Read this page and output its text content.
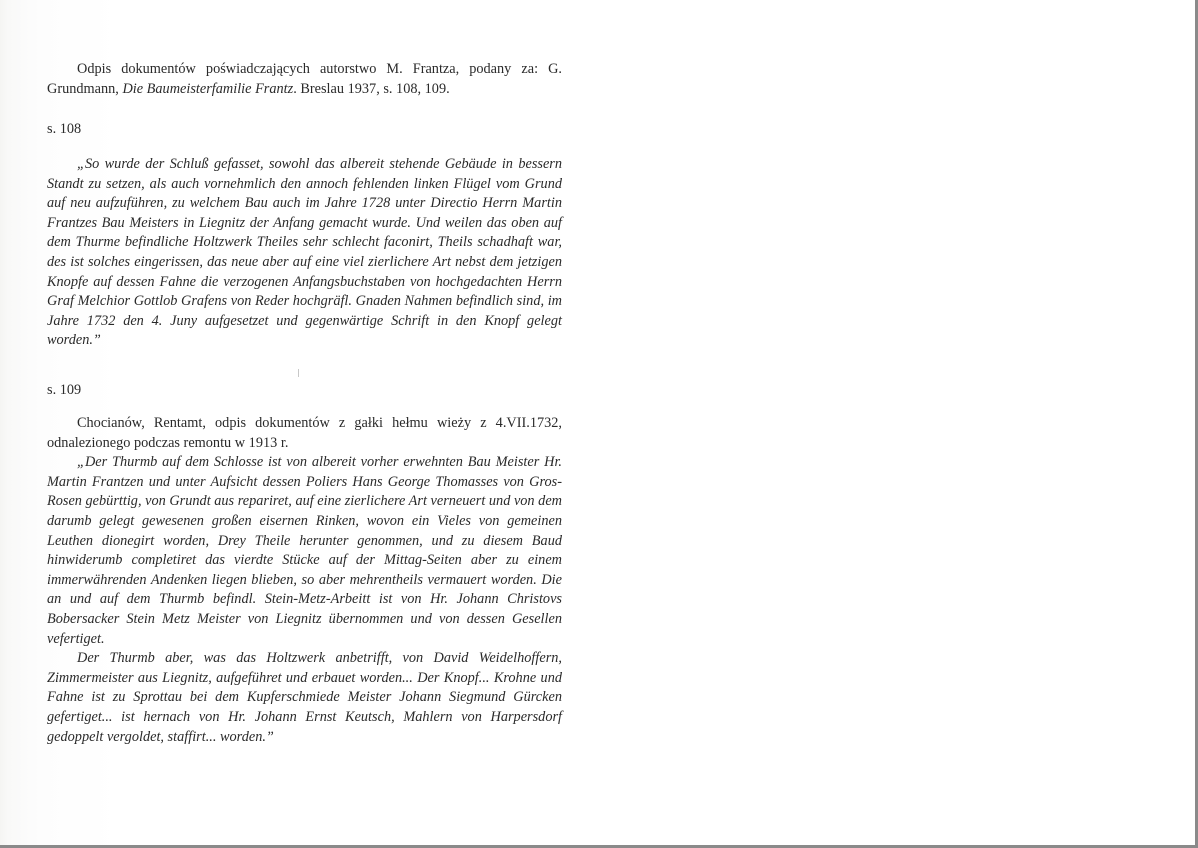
Odpis dokumentów poświadczających autorstwo M. Frantza, podany za: G. Grundmann, Die Baumeisterfamilie Frantz. Breslau 1937, s. 108, 109.

s. 108

„So wurde der Schluß gefasset, sowohl das albereit stehende Gebäude in bessern Standt zu setzen, als auch vornehmlich den annoch fehlenden linken Flügel vom Grund auf neu aufzuführen, zu welchem Bau auch im Jahre 1728 unter Directio Herrn Martin Frantzes Bau Meisters in Liegnitz der Anfang gemacht wurde. Und weilen das oben auf dem Thurme befindliche Holtzwerk Theiles sehr schlecht faconirt, Theils schadhaft war, des ist solches eingerissen, das neue aber auf eine viel zierlichere Art nebst dem jetzigen Knopfe auf dessen Fahne die verzogenen Anfangsbuchstaben von hochgedachten Herrn Graf Melchior Gottlob Grafens von Reder hochgräfl. Gnaden Nahmen befindlich sind, im Jahre 1732 den 4. Juny aufgesetzet und gegenwärtige Schrift in den Knopf gelegt worden.”

s. 109

Chocianów, Rentamt, odpis dokumentów z gałki hełmu wieży z 4.VII.1732, odnalezionego podczas remontu w 1913 r.

„Der Thurmb auf dem Schlosse ist von albereit vorher erwehnten Bau Meister Hr. Martin Frantzen und unter Aufsicht dessen Poliers Hans George Thomasses von Gros-Rosen gebürttig, von Grundt aus repariret, auf eine zierlichere Art verneuert und von dem darumb gelegt gewesenen großen eisernen Rinken, wovon ein Vieles von gemeinen Leuthen dionegirt worden, Drey Theile herunter genommen, und zu diesem Baud hinwiderumb completiret das vierdte Stücke auf der Mittag-Seiten aber zu einem immerwährenden Andenken liegen blieben, so aber mehrentheils vermauert worden. Die an und auf dem Thurmb befindl. Stein-Metz-Arbeitt ist von Hr. Johann Christovs Bobersacker Stein Metz Meister von Liegnitz übernommen und von dessen Gesellen vefertiget.

Der Thurmb aber, was das Holtzwerk anbetrifft, von David Weidelhoffern, Zimmermeister aus Liegnitz, aufgeführet und erbauet worden... Der Knopf... Krohne und Fahne ist zu Sprottau bei dem Kupferschmiede Meister Johann Siegmund Gürcken gefertiget... ist hernach von Hr. Johann Ernst Keutsch, Mahlern von Harpersdorf gedoppelt vergoldet, staffirt... worden.”
